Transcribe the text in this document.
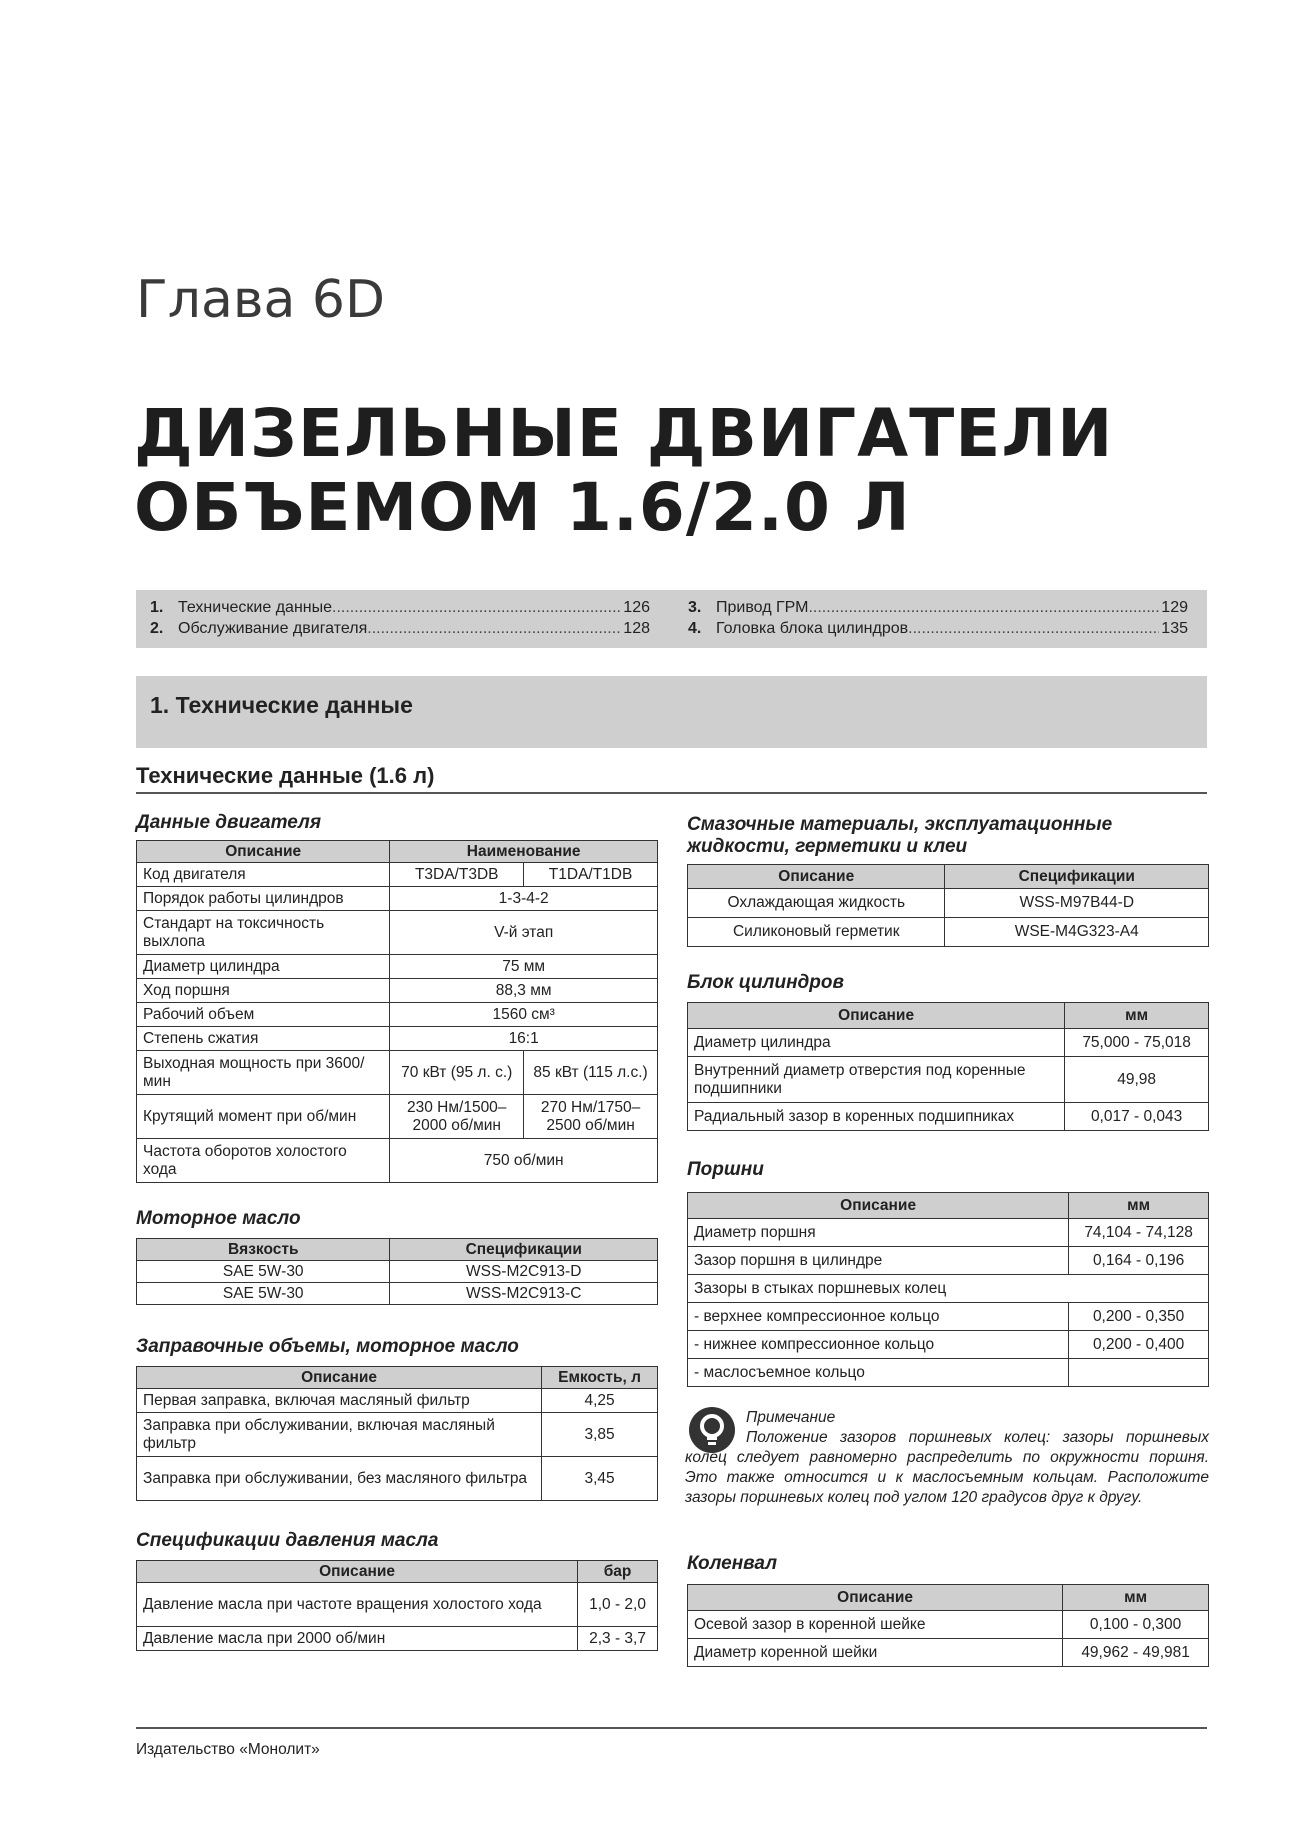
Глава 6D
ДИЗЕЛЬНЫЕ ДВИГАТЕЛИ
ОБЪЕМОМ 1.6/2.0 Л
1. Технические данные .....	126
2. Обслуживание двигателя .....	128
3. Привод ГРМ .....	129
4. Головка блока цилиндров .....	135
1. Технические данные
Технические данные (1.6 л)
Данные двигателя
Описание	Наименование	
Код двигателя	T3DA/T3DB	T1DA/T1DB
Порядок работы цилиндров	1-3-4-2	
Стандарт на токсичность выхлопа	V-й этап	
Диаметр цилиндра	75 мм	
Ход поршня	88,3 мм	
Рабочий объем	1560 см³	
Степень сжатия	16:1	
Выходная мощность при 3600/мин	70 кВт (95 л. с.)	85 кВт (115 л.с.)
Крутящий момент при об/мин	230 Нм/1500–2000 об/мин	270 Нм/1750–2500 об/мин
Частота оборотов холостого хода	750 об/мин	
Моторное масло
Вязкость	Спецификации
SAE 5W-30	WSS-M2C913-D
SAE 5W-30	WSS-M2C913-C
Заправочные объемы, моторное масло
Описание	Емкость, л
Первая заправка, включая масляный фильтр	4,25
Заправка при обслуживании, включая масляный фильтр	3,85
Заправка при обслуживании, без масляного фильтра	3,45
Спецификации давления масла
Описание	бар
Давление масла при частоте вращения холостого хода	1,0 - 2,0
Давление масла при 2000 об/мин	2,3 - 3,7
Смазочные материалы, эксплуатационные жидкости, герметики и клеи
Описание	Спецификации
Охлаждающая жидкость	WSS-M97B44-D
Силиконовый герметик	WSE-M4G323-A4
Блок цилиндров
Описание	мм
Диаметр цилиндра	75,000 - 75,018
Внутренний диаметр отверстия под коренные подшипники	49,98
Радиальный зазор в коренных подшипниках	0,017 - 0,043
Поршни
Описание	мм
Диаметр поршня	74,104 - 74,128
Зазор поршня в цилиндре	0,164 - 0,196
Зазоры в стыках поршневых колец	
- верхнее компрессионное кольцо	0,200 - 0,350
- нижнее компрессионное кольцо	0,200 - 0,400
- маслосъемное кольцо	
Примечание
Положение зазоров поршневых колец: зазоры поршневых колец следует равномерно распределить по окружности поршня. Это также относится и к маслосъемным кольцам. Расположите зазоры поршневых колец под углом 120 градусов друг к другу.
Коленвал
Описание	мм
Осевой зазор в коренной шейке	0,100 - 0,300
Диаметр коренной шейки	49,962 - 49,981
Издательство «Монолит»
